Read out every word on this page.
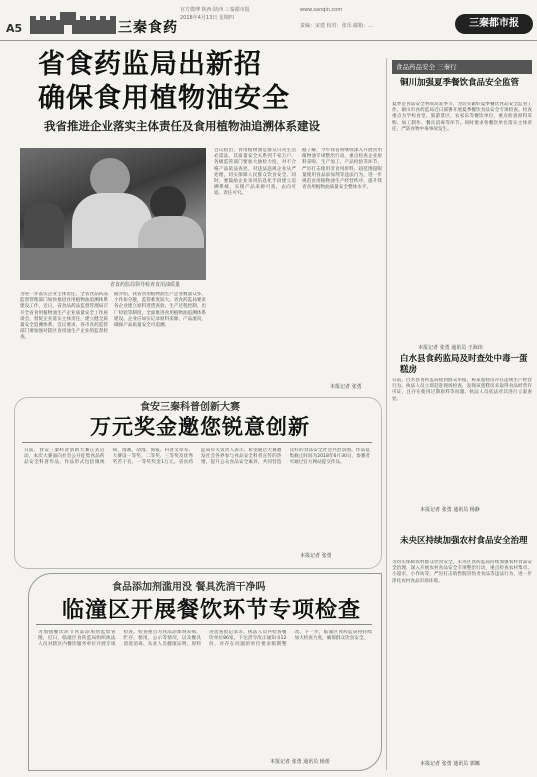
A5	三秦食药
官方微博 陕西·陕西 三秦都市报
2018年4月13日 星期四
www.sanqin.com
责编：宋建 校对：张乐 邮箱：...	三秦都市报
省食药监局出新招
确保食用植物油安全
我省推进企业落实主体责任及食用植物油追溯体系建设
省食药监局领导检查食用油质量
为进一步落实企业主体责任，全省食品药品监督管理部门加快推进食用植物油追溯体系建设工作，近日，省食品药品监督管理局召开全省食用植物油生产企业质量安全工作座谈会，督促企业落实主体责任，建立健全质量安全追溯体系。会议要求，各市食药监管部门要加强对辖区食用油生产企业的监督检查。
据介绍，我省食用植物油生产企业数量众多，小作坊分散，监管难度较大。省食药监局要求各企业建立原料进货查验、生产过程控制、出厂检验等制度，全面推进食用植物油追溯体系建设。企业应如实记录原料来源、产品流向，确保产品质量安全可追溯。
会议指出，食用植物油是群众日常生活必需品，其质量安全关系到千家万户。各级监管部门要加大抽检力度，对不合格产品依法查处，对违法违规企业从严处理，切实保障人民群众饮食安全。同时，要鼓励企业采用信息化手段建立追溯系统，实现产品来源可查、去向可追、责任可究。
据了解，今年我省将继续深入开展食用植物油专项整治行动，重点检查企业原料采购、生产加工、产品检验等环节，严厉打击使用非食用原料、超范围超限量使用食品添加剂等违法行为，进一步规范食用植物油生产经营秩序，提升我省食用植物油质量安全整体水平。
本报记者 张勇
食安三秦科普创新大赛
万元奖金邀您锐意创新
日前，食安三秦科普创新大赛正式启动，本次大赛面向社会公开征集食品药品安全科普作品，作品形式包括微视频、漫画、动漫、海报、科普文章等。大赛设一等奖、二等奖、三等奖及优秀奖若干名，一等奖奖金1万元。省食药监局有关负责人表示，希望通过大赛激发社会各界参与食品安全科普宣传的热情，提升公众食品安全素养，共同营造良好的食品安全社会共治氛围。作品征集截止时间为2018年6月30日，参赛者可通过官方网站提交作品。
本报记者 张勇
食品添加剂滥用没 餐具洗消干净吗
临潼区开展餐饮环节专项检查
为加强餐饮环节食品添加剂监督管理，近日，临潼区食药监局组织执法人员对辖区内餐饮服务单位开展专项检查。检查重点为食品添加剂采购、贮存、使用、公示等情况，以及餐具清洗消毒、从业人员健康证明、原料进货查验记录等。执法人员共检查餐饮单位86家，下达责令改正通知书12份，对存在问题的单位要求限期整改。下一步，临潼区食药监局将持续加大检查力度，确保群众饮食安全。
本报记者 张勇 通讯员 杨蕾
食品药品安全 三秦行
铜川加强夏季餐饮食品安全监管
夏季是食品安全事故高发季节，为切实做好夏季餐饮食品安全监管工作，铜川市食药监局近日部署开展夏季餐饮食品安全专项检查。检查重点为学校食堂、旅游景区、农家乐等餐饮单位，重点检查原料采购、加工制作、餐具消毒等环节。同时要求各餐饮单位落实主体责任，严防食物中毒事故发生。
本报记者 张勇 通讯员 王海玮
白水县食药监局及时查处中毒一蛋糕房
日前，白水县食药监局接到群众举报，称某蛋糕房存在违规生产经营行为。执法人员立即赶赴现场检查，发现该蛋糕房未取得食品经营许可证，且存在使用过期原料等问题。执法人员依法对其进行立案查处。
本报记者 张勇 通讯员 杨静
未央区持续加强农村食品安全治理
为切实保障农村群众饮食安全，未央区食药监局持续加强农村食品安全治理，深入开展农村食品安全专项整治行动，重点检查农村集市、小超市、小作坊等，严厉打击销售假冒伪劣食品等违法行为，进一步净化农村食品市场环境。
本报记者 张勇 通讯员 郭娜
